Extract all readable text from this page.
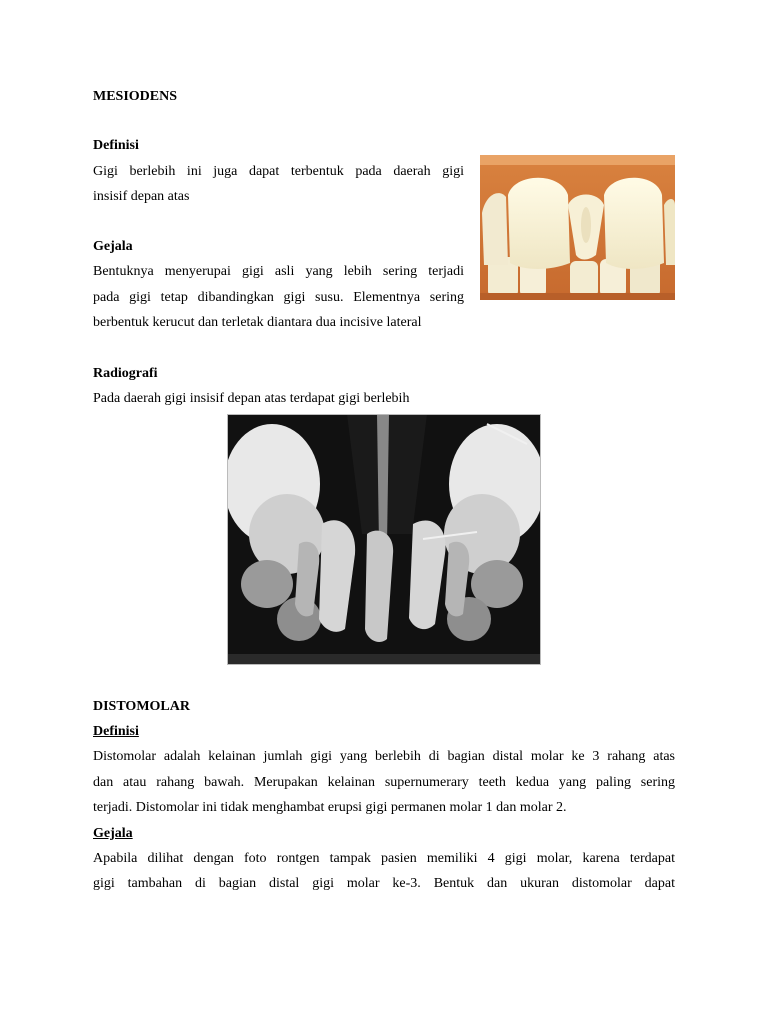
MESIODENS

Definisi

Gigi berlebih ini juga dapat terbentuk pada daerah gigi

insisif depan atas

Gejala

Bentuknya menyerupai gigi asli yang lebih sering terjadi

pada gigi tetap dibandingkan gigi susu. Elementnya sering

berbentuk kerucut dan terletak diantara dua incisive lateral

Radiografi

Pada daerah gigi insisif depan atas terdapat gigi berlebih

DISTOMOLAR

Definisi

Distomolar adalah kelainan jumlah gigi yang berlebih di bagian distal molar ke 3 rahang atas

dan atau rahang bawah. Merupakan kelainan supernumerary teeth kedua yang paling sering

terjadi. Distomolar ini tidak menghambat erupsi gigi permanen molar 1 dan molar 2.

Gejala

Apabila dilihat dengan foto rontgen tampak pasien memiliki 4 gigi molar, karena terdapat

gigi tambahan di bagian distal gigi molar ke-3. Bentuk dan ukuran distomolar dapat
